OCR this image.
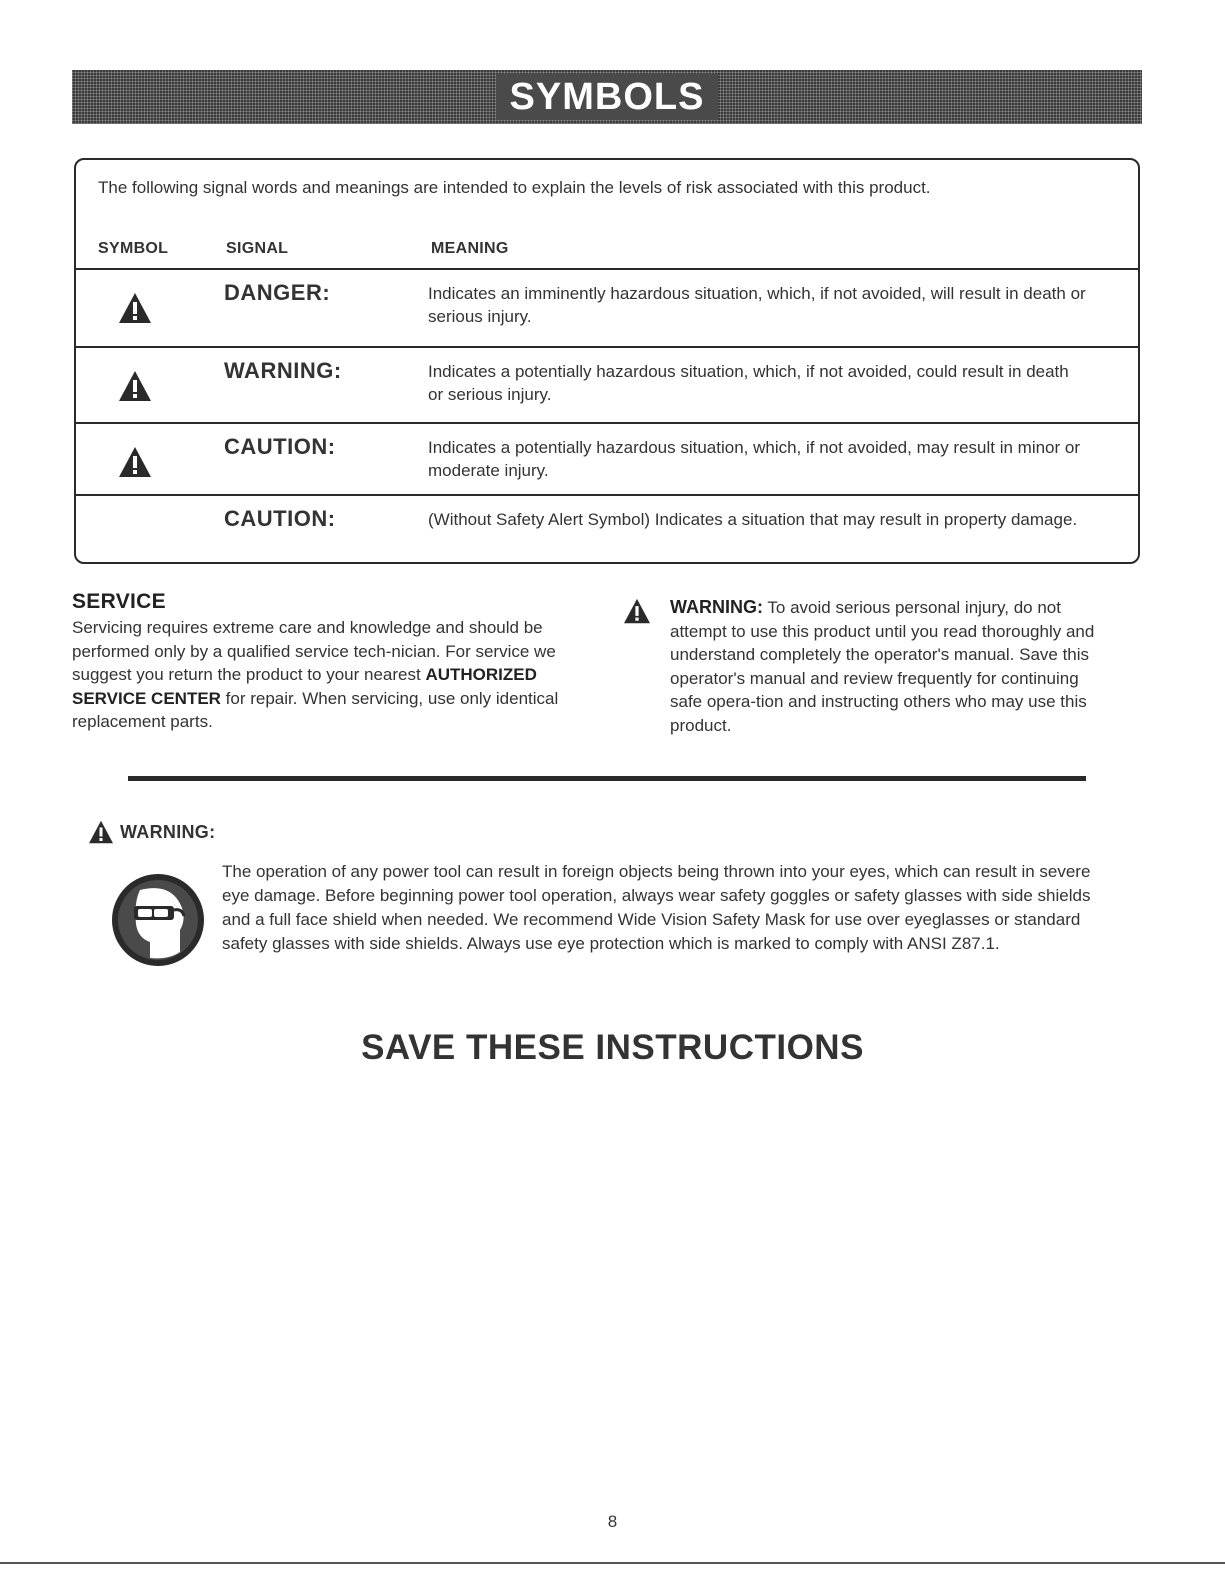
SYMBOLS
The following signal words and meanings are intended to explain the levels of risk associated with this product.
SYMBOL	SIGNAL	MEANING
DANGER:	Indicates an imminently hazardous situation, which, if not avoided, will result in death or serious injury.
WARNING:	Indicates a potentially hazardous situation, which, if not avoided, could result in death or serious injury.
CAUTION:	Indicates a potentially hazardous situation, which, if not avoided, may result in minor or moderate injury.
CAUTION:	(Without Safety Alert Symbol) Indicates a situation that may result in property damage.
SERVICE
Servicing requires extreme care and knowledge and should be performed only by a qualified service tech-nician. For service we suggest you return the product to your nearest AUTHORIZED SERVICE CENTER for repair. When servicing, use only identical replacement parts.
WARNING: To avoid serious personal injury, do not attempt to use this product until you read thoroughly and understand completely the operator's manual. Save this operator's manual and review frequently for continuing safe opera-tion and instructing others who may use this product.
WARNING:
The operation of any power tool can result in foreign objects being thrown into your eyes, which can result in severe eye damage. Before beginning power tool operation, always wear safety goggles or safety glasses with side shields and a full face shield when needed. We recommend Wide Vision Safety Mask for use over eyeglasses or standard safety glasses with side shields. Always use eye protection which is marked to comply with ANSI Z87.1.
SAVE THESE INSTRUCTIONS
8
